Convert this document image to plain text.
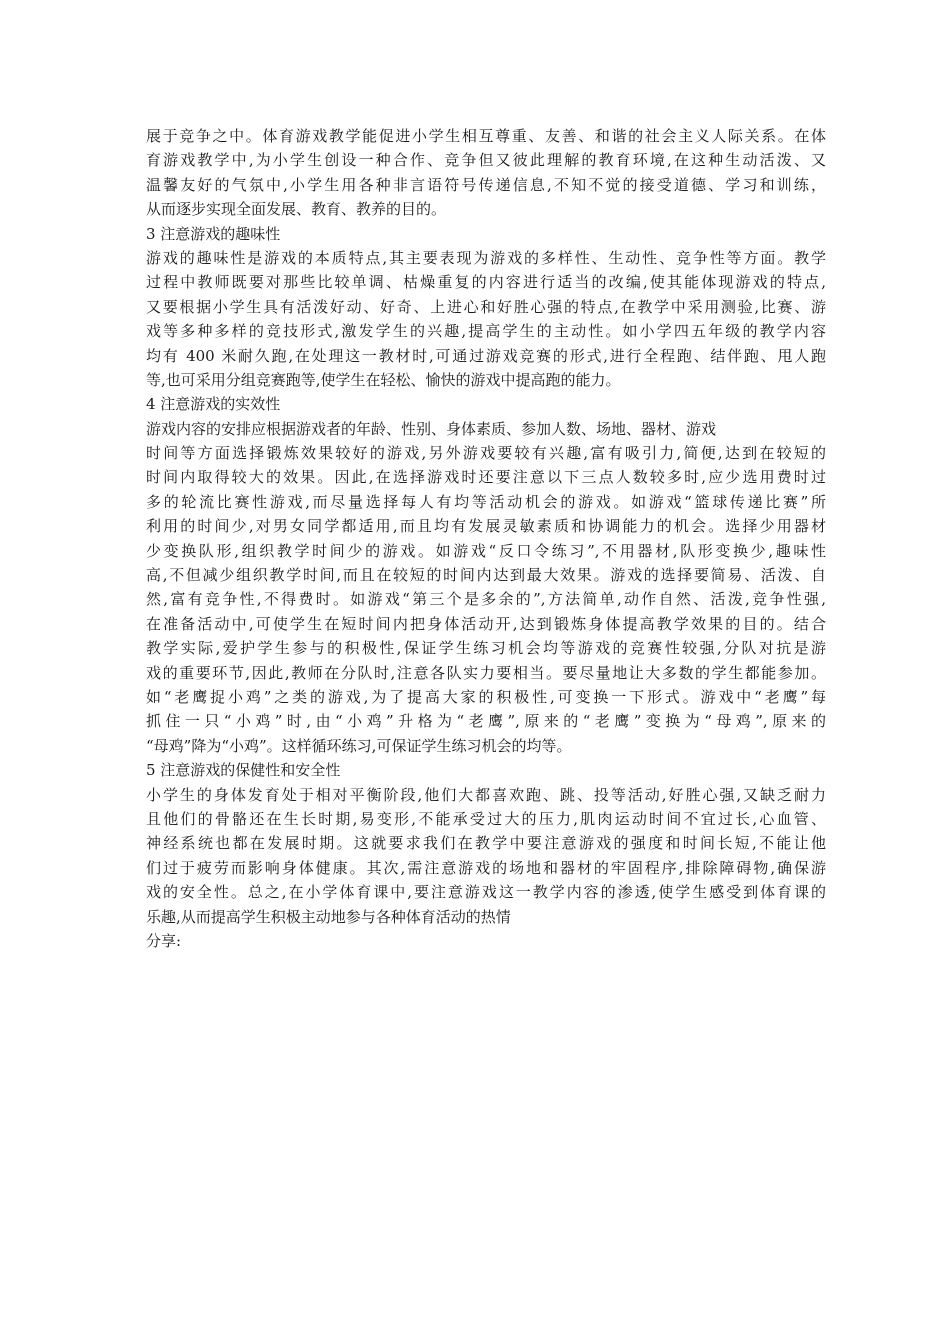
展于竞争之中。体育游戏教学能促进小学生相互尊重、友善、和谐的社会主义人际关系。在体
育游戏教学中,为小学生创设一种合作、竞争但又彼此理解的教育环境,在这种生动活泼、又
温馨友好的气氛中,小学生用各种非言语符号传递信息,不知不觉的接受道德、学习和训练，
从而逐步实现全面发展、教育、教养的目的。
3 注意游戏的趣味性
游戏的趣味性是游戏的本质特点,其主要表现为游戏的多样性、生动性、竞争性等方面。教学
过程中教师既要对那些比较单调、枯燥重复的内容进行适当的改编,使其能体现游戏的特点,
又要根据小学生具有活泼好动、好奇、上进心和好胜心强的特点,在教学中采用测验,比赛、游
戏等多种多样的竞技形式,激发学生的兴趣,提高学生的主动性。如小学四五年级的教学内容
均有 400 米耐久跑,在处理这一教材时,可通过游戏竞赛的形式,进行全程跑、结伴跑、甩人跑
等,也可采用分组竞赛跑等,使学生在轻松、愉快的游戏中提高跑的能力。
4 注意游戏的实效性
游戏内容的安排应根据游戏者的年龄、性别、身体素质、参加人数、场地、器材、游戏
时间等方面选择锻炼效果较好的游戏,另外游戏要较有兴趣,富有吸引力,简便,达到在较短的
时间内取得较大的效果。因此,在选择游戏时还要注意以下三点人数较多时,应少选用费时过
多的轮流比赛性游戏,而尽量选择每人有均等活动机会的游戏。如游戏“篮球传递比赛”所
利用的时间少,对男女同学都适用,而且均有发展灵敏素质和协调能力的机会。选择少用器材
少变换队形,组织教学时间少的游戏。如游戏“反口令练习”,不用器材,队形变换少,趣味性
高,不但减少组织教学时间,而且在较短的时间内达到最大效果。游戏的选择要简易、活泼、自
然,富有竞争性,不得费时。如游戏“第三个是多余的”,方法简单,动作自然、活泼,竞争性强,
在准备活动中,可使学生在短时间内把身体活动开,达到锻炼身体提高教学效果的目的。结合
教学实际,爱护学生参与的积极性,保证学生练习机会均等游戏的竞赛性较强,分队对抗是游
戏的重要环节,因此,教师在分队时,注意各队实力要相当。要尽量地让大多数的学生都能参加。
如“老鹰捉小鸡”之类的游戏,为了提高大家的积极性,可变换一下形式。游戏中“老鹰”每
抓住一只“小鸡”时,由“小鸡”升格为“老鹰”,原来的“老鹰”变换为“母鸡”,原来的
“母鸡”降为“小鸡”。这样循环练习,可保证学生练习机会的均等。
5 注意游戏的保健性和安全性
小学生的身体发育处于相对平衡阶段,他们大都喜欢跑、跳、投等活动,好胜心强,又缺乏耐力
且他们的骨骼还在生长时期,易变形,不能承受过大的压力,肌肉运动时间不宜过长,心血管、
神经系统也都在发展时期。这就要求我们在教学中要注意游戏的强度和时间长短,不能让他
们过于疲劳而影响身体健康。其次,需注意游戏的场地和器材的牢固程序,排除障碍物,确保游
戏的安全性。总之,在小学体育课中,要注意游戏这一教学内容的渗透,使学生感受到体育课的
乐趣,从而提高学生积极主动地参与各种体育活动的热情
分享:
